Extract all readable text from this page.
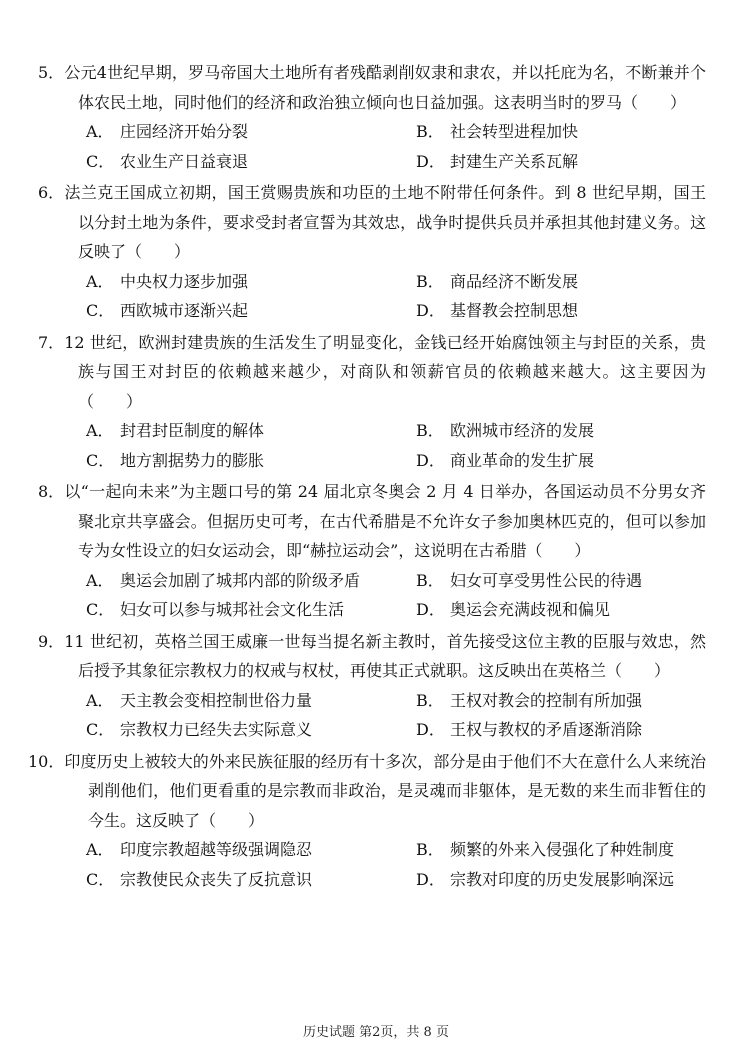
5．公元4世纪早期，罗马帝国大土地所有者残酷剥削奴隶和隶农，并以托庇为名，不断兼并个体农民土地，同时他们的经济和政治独立倾向也日益加强。这表明当时的罗马（　　）
A． 庄园经济开始分裂	B． 社会转型进程加快
C． 农业生产日益衰退	D． 封建生产关系瓦解
6．法兰克王国成立初期，国王赏赐贵族和功臣的土地不附带任何条件。到 8 世纪早期，国王以分封土地为条件，要求受封者宣誓为其效忠，战争时提供兵员并承担其他封建义务。这反映了（　　）
A． 中央权力逐步加强	B． 商品经济不断发展
C． 西欧城市逐渐兴起	D． 基督教会控制思想
7．12 世纪，欧洲封建贵族的生活发生了明显变化，金钱已经开始腐蚀领主与封臣的关系，贵族与国王对封臣的依赖越来越少，对商队和领薪官员的依赖越来越大。这主要因为（　　）
A． 封君封臣制度的解体	B． 欧洲城市经济的发展
C． 地方割据势力的膨胀	D． 商业革命的发生扩展
8．以“一起向未来”为主题口号的第 24 届北京冬奥会 2 月 4 日举办，各国运动员不分男女齐聚北京共享盛会。但据历史可考，在古代希腊是不允许女子参加奥林匹克的，但可以参加专为女性设立的妇女运动会，即“赫拉运动会”，这说明在古希腊（　　）
A． 奥运会加剧了城邦内部的阶级矛盾	B． 妇女可享受男性公民的待遇
C． 妇女可以参与城邦社会文化生活	D． 奥运会充满歧视和偏见
9．11 世纪初，英格兰国王威廉一世每当提名新主教时，首先接受这位主教的臣服与效忠，然后授予其象征宗教权力的权戒与权杖，再使其正式就职。这反映出在英格兰（　　）
A． 天主教会变相控制世俗力量	B． 王权对教会的控制有所加强
C． 宗教权力已经失去实际意义	D． 王权与教权的矛盾逐渐消除
10．印度历史上被较大的外来民族征服的经历有十多次，部分是由于他们不大在意什么人来统治剥削他们，他们更看重的是宗教而非政治，是灵魂而非躯体，是无数的来生而非暂住的今生。这反映了（　　）
A． 印度宗教超越等级强调隐忍	B． 频繁的外来入侵强化了种姓制度
C． 宗教使民众丧失了反抗意识	D． 宗教对印度的历史发展影响深远
历史试题 第2页，共 8 页
